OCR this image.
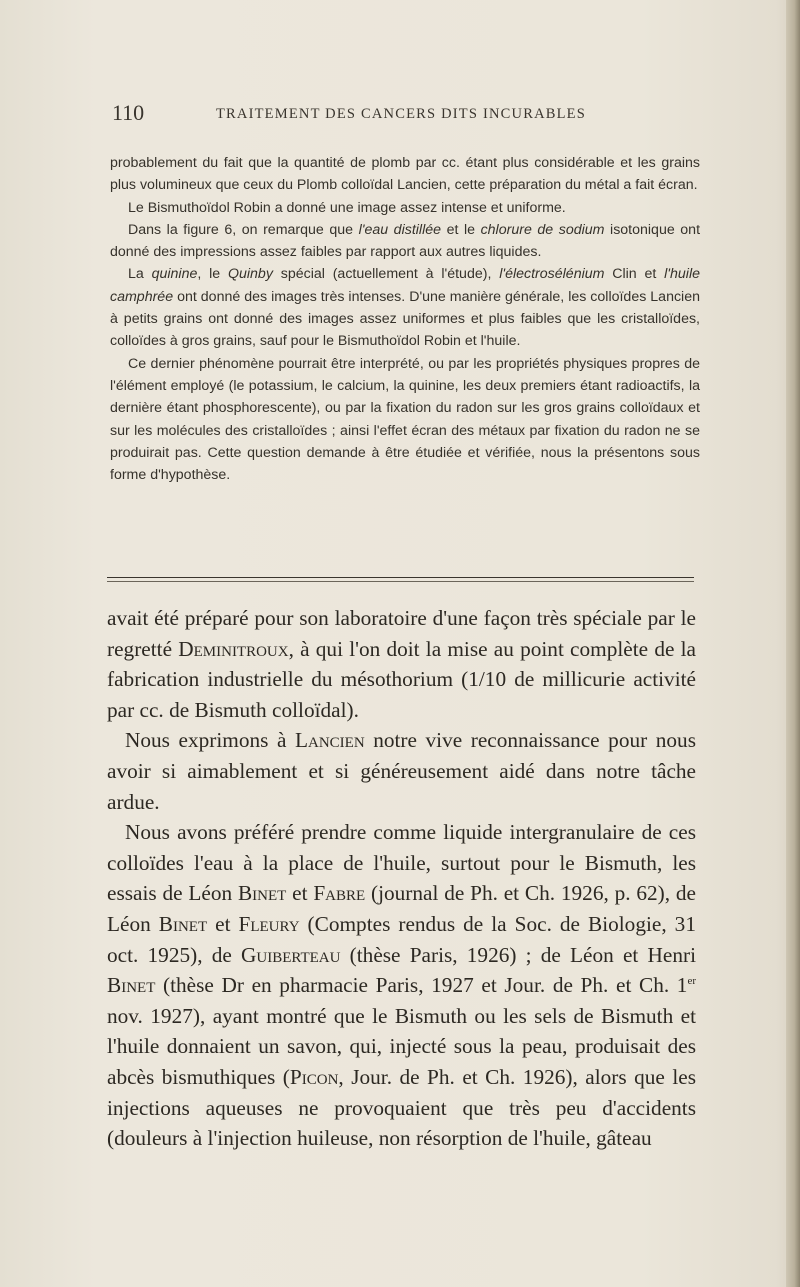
110	TRAITEMENT DES CANCERS DITS INCURABLES

probablement du fait que la quantité de plomb par cc. étant plus considérable et les grains plus volumineux que ceux du Plomb colloïdal Lancien, cette préparation du métal a fait écran.

Le Bismuthoïdol Robin a donné une image assez intense et uniforme.

Dans la figure 6, on remarque que l'eau distillée et le chlorure de sodium isotonique ont donné des impressions assez faibles par rapport aux autres liquides.

La quinine, le Quinby spécial (actuellement à l'étude), l'électrosélénium Clin et l'huile camphrée ont donné des images très intenses. D'une manière générale, les colloïdes Lancien à petits grains ont donné des images assez uniformes et plus faibles que les cristalloïdes, colloïdes à gros grains, sauf pour le Bismuthoïdol Robin et l'huile.

Ce dernier phénomène pourrait être interprété, ou par les propriétés physiques propres de l'élément employé (le potassium, le calcium, la quinine, les deux premiers étant radioactifs, la dernière étant phosphorescente), ou par la fixation du radon sur les gros grains colloïdaux et sur les molécules des cristalloïdes ; ainsi l'effet écran des métaux par fixation du radon ne se produirait pas. Cette question demande à être étudiée et vérifiée, nous la présentons sous forme d'hypothèse.

avait été préparé pour son laboratoire d'une façon très spéciale par le regretté Deminitroux, à qui l'on doit la mise au point complète de la fabrication industrielle du mésothorium (1/10 de millicurie activité par cc. de Bismuth colloïdal).

Nous exprimons à Lancien notre vive reconnaissance pour nous avoir si aimablement et si généreusement aidé dans notre tâche ardue.

Nous avons préféré prendre comme liquide intergranulaire de ces colloïdes l'eau à la place de l'huile, surtout pour le Bismuth, les essais de Léon Binet et Fabre (journal de Ph. et Ch. 1926, p. 62), de Léon Binet et Fleury (Comptes rendus de la Soc. de Biologie, 31 oct. 1925), de Guiberteau (thèse Paris, 1926) ; de Léon et Henri Binet (thèse Dr en pharmacie Paris, 1927 et Jour. de Ph. et Ch. 1er nov. 1927), ayant montré que le Bismuth ou les sels de Bismuth et l'huile donnaient un savon, qui, injecté sous la peau, produisait des abcès bismuthiques (Picon, Jour. de Ph. et Ch. 1926), alors que les injections aqueuses ne provoquaient que très peu d'accidents (douleurs à l'injection huileuse, non résorption de l'huile, gâteau
